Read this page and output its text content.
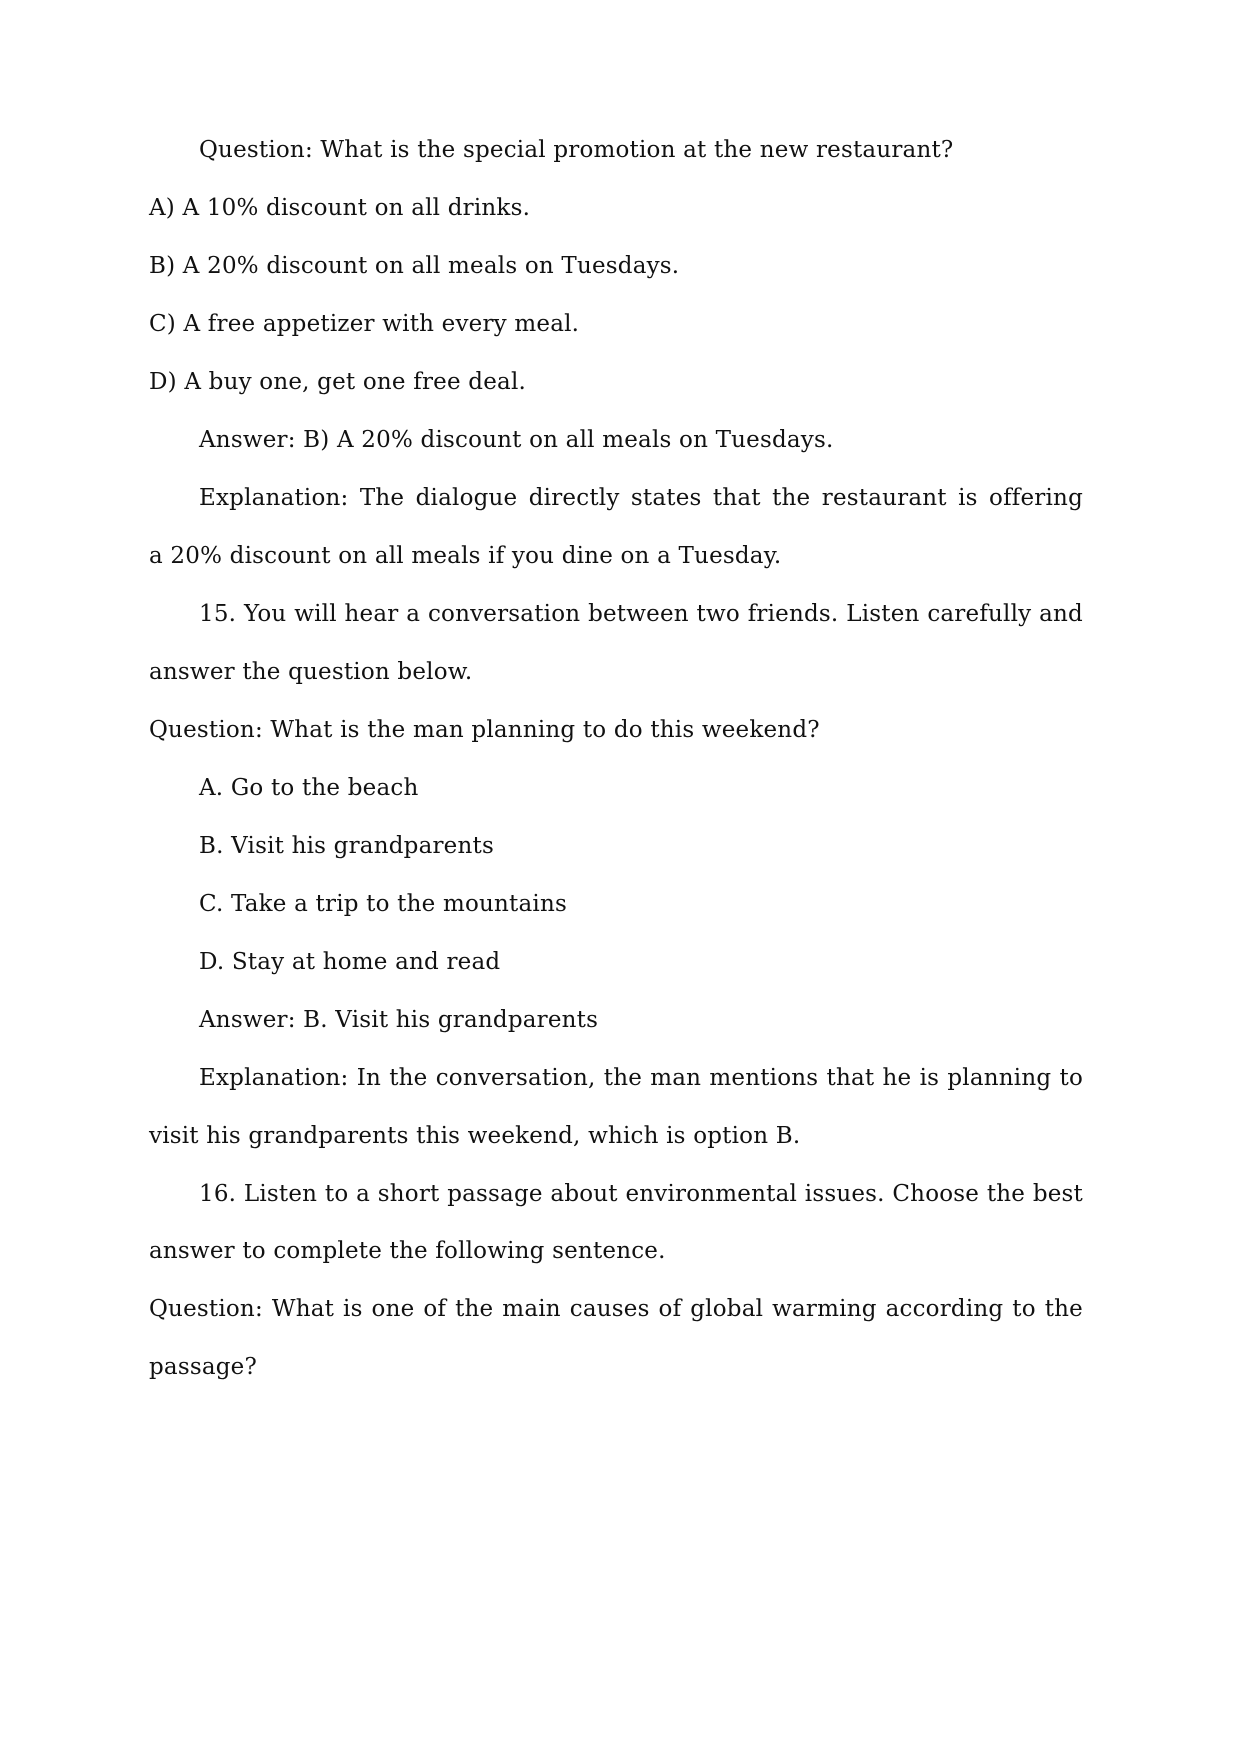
Question: What is the special promotion at the new restaurant?
A) A 10% discount on all drinks.
B) A 20% discount on all meals on Tuesdays.
C) A free appetizer with every meal.
D) A buy one, get one free deal.
Answer: B) A 20% discount on all meals on Tuesdays.
Explanation: The dialogue directly states that the restaurant is offering
a 20% discount on all meals if you dine on a Tuesday.
15. You will hear a conversation between two friends. Listen carefully and
answer the question below.
Question: What is the man planning to do this weekend?
A. Go to the beach
B. Visit his grandparents
C. Take a trip to the mountains
D. Stay at home and read
Answer: B. Visit his grandparents
Explanation: In the conversation, the man mentions that he is planning to
visit his grandparents this weekend, which is option B.
16. Listen to a short passage about environmental issues. Choose the best
answer to complete the following sentence.
Question: What is one of the main causes of global warming according to the
passage?
